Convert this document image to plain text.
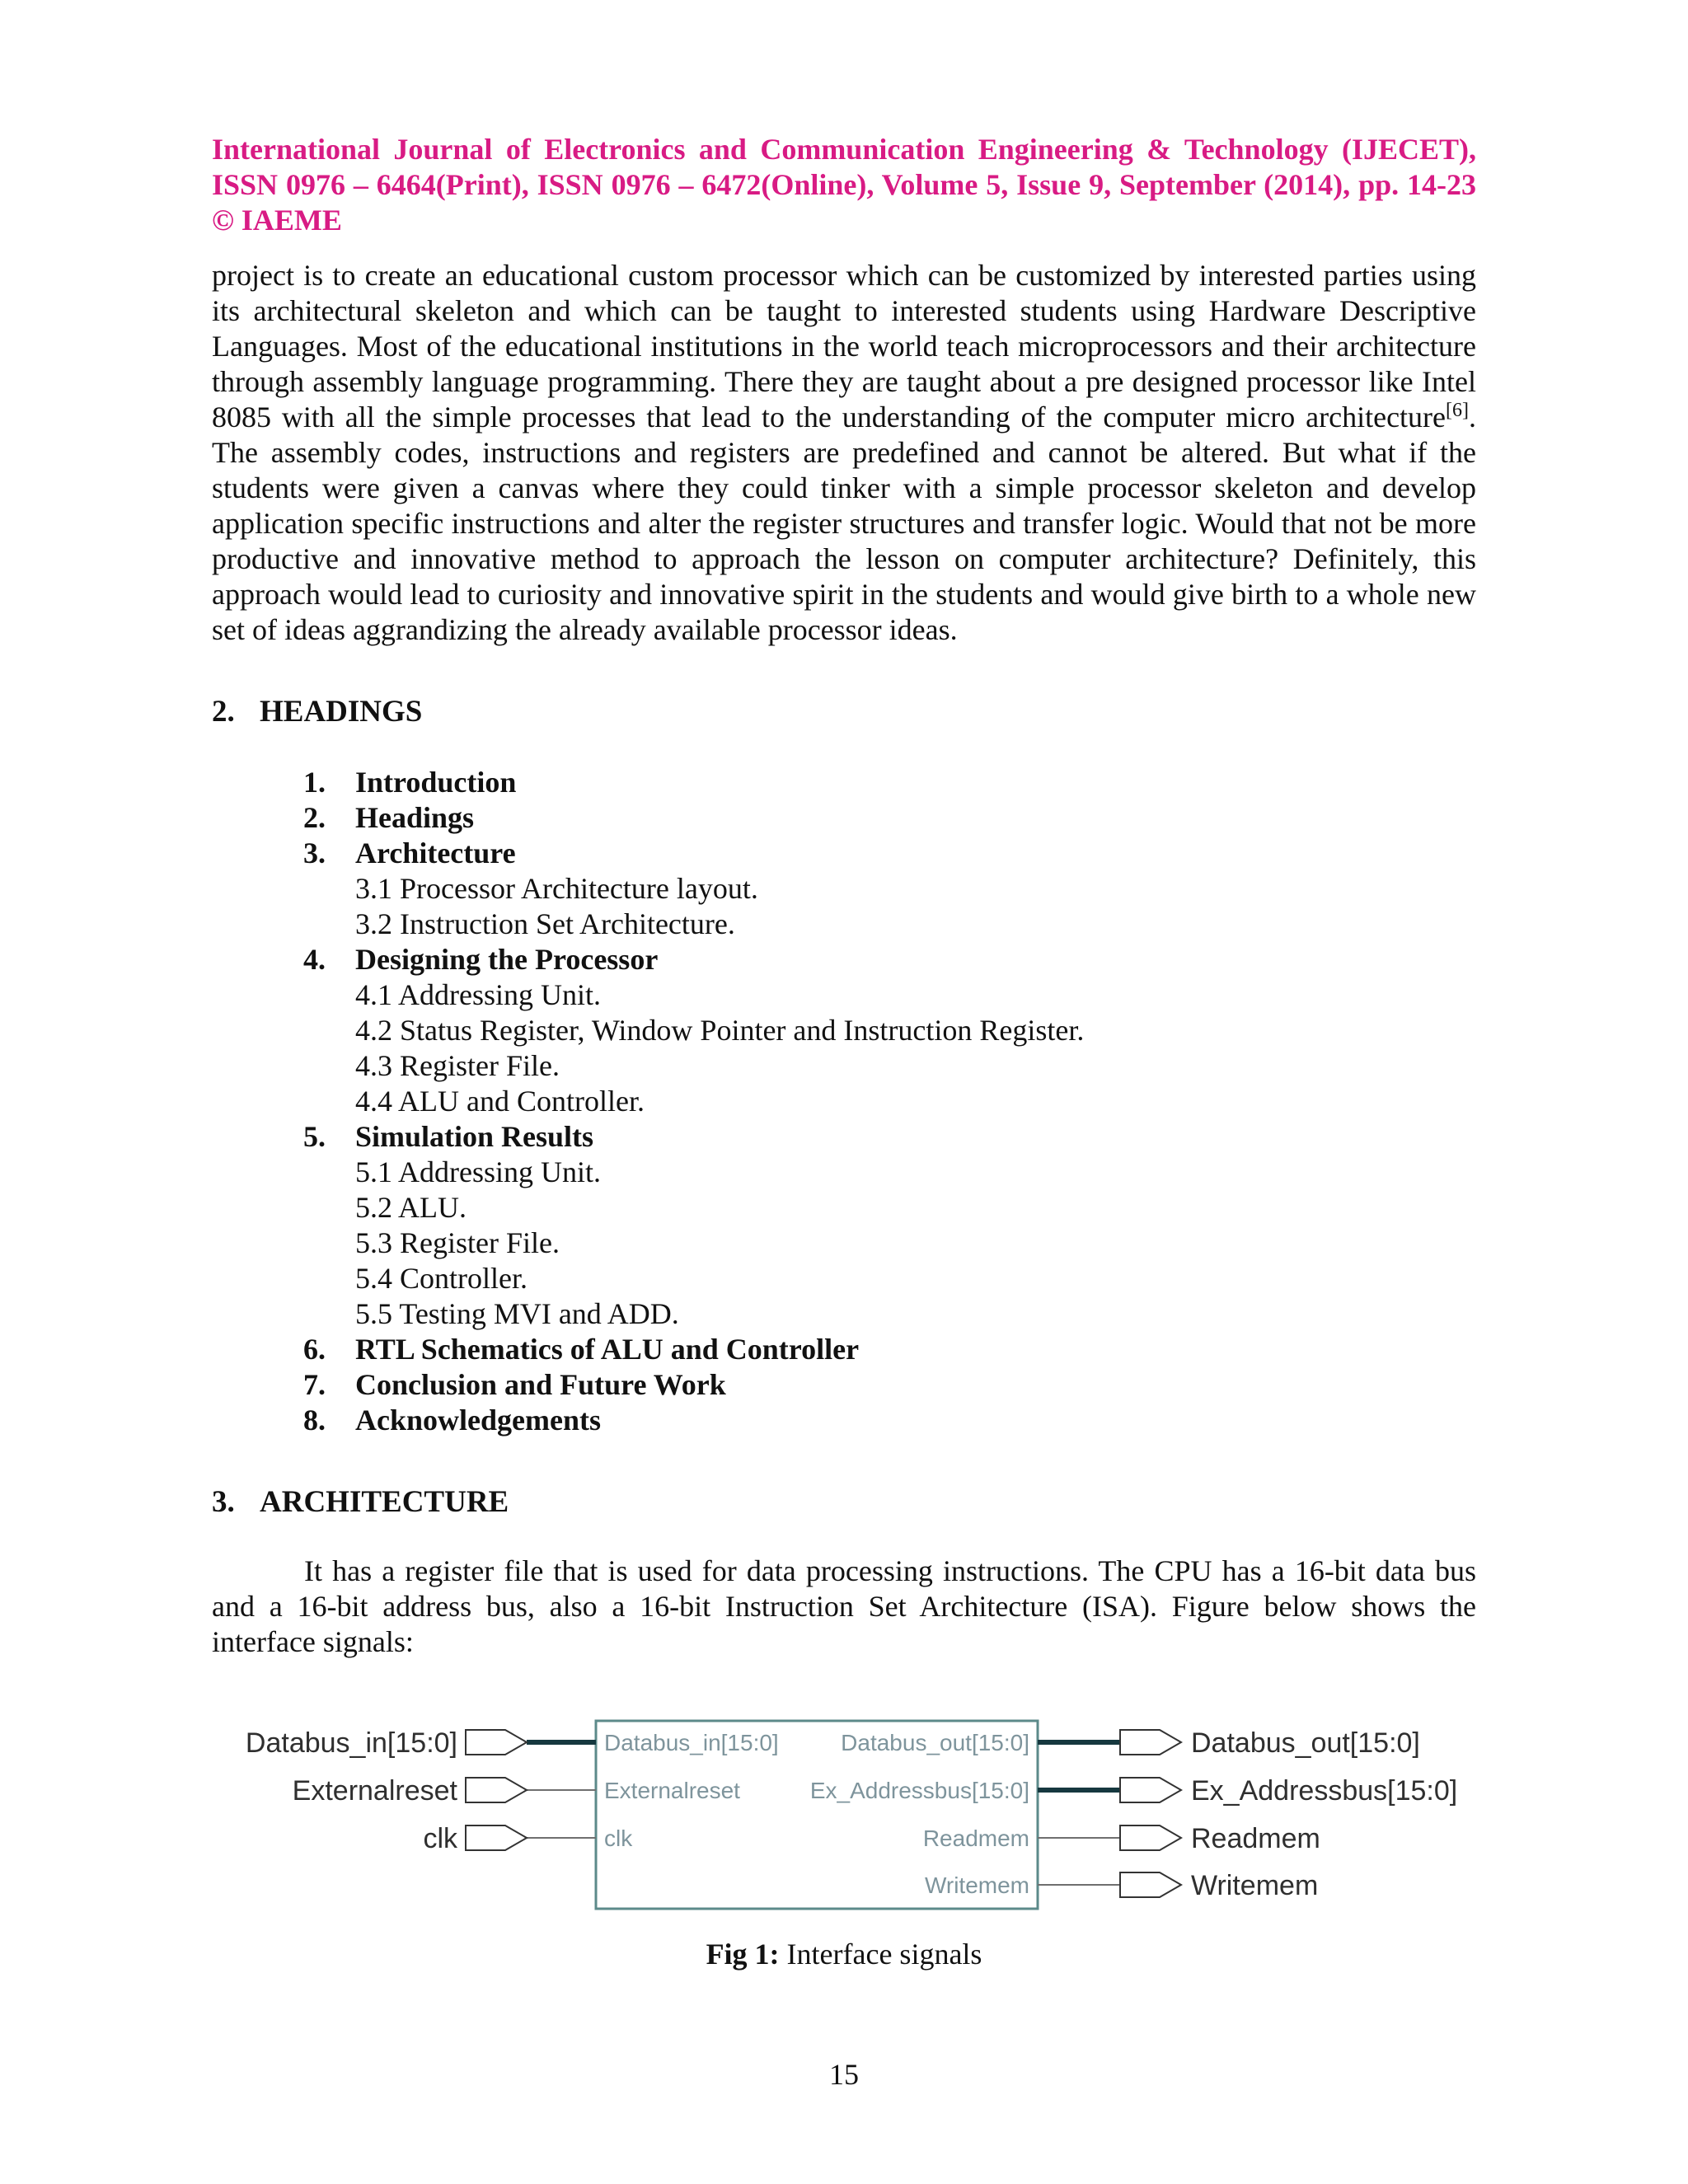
International Journal of Electronics and Communication Engineering & Technology (IJECET), ISSN 0976 – 6464(Print), ISSN 0976 – 6472(Online), Volume 5, Issue 9, September (2014), pp. 14-23 © IAEME
project is to create an educational custom processor which can be customized by interested parties using its architectural skeleton and which can be taught to interested students using Hardware Descriptive Languages. Most of the educational institutions in the world teach microprocessors and their architecture through assembly language programming. There they are taught about a pre designed processor like Intel 8085 with all the simple processes that lead to the understanding of the computer micro architecture[6]. The assembly codes, instructions and registers are predefined and cannot be altered. But what if the students were given a canvas where they could tinker with a simple processor skeleton and develop application specific instructions and alter the register structures and transfer logic. Would that not be more productive and innovative method to approach the lesson on computer architecture? Definitely, this approach would lead to curiosity and innovative spirit in the students and would give birth to a whole new set of ideas aggrandizing the already available processor ideas.
2. HEADINGS
1. Introduction
2. Headings
3. Architecture
3.1 Processor Architecture layout.
3.2 Instruction Set Architecture.
4. Designing the Processor
4.1 Addressing Unit.
4.2 Status Register, Window Pointer and Instruction Register.
4.3 Register File.
4.4 ALU and Controller.
5. Simulation Results
5.1 Addressing Unit.
5.2 ALU.
5.3 Register File.
5.4 Controller.
5.5 Testing MVI and ADD.
6. RTL Schematics of ALU and Controller
7. Conclusion and Future Work
8. Acknowledgements
3. ARCHITECTURE
It has a register file that is used for data processing instructions. The CPU has a 16-bit data bus and a 16-bit address bus, also a 16-bit Instruction Set Architecture (ISA). Figure below shows the interface signals:
Databus_in[15:0]
Externalreset
clk
Databus_out[15:0]
Ex_Addressbus[15:0]
Readmem
Writemem
Databus_in[15:0]
Externalreset
clk
Databus_out[15:0]
Ex_Addressbus[15:0]
Readmem
Writemem
Fig 1: Interface signals
15
